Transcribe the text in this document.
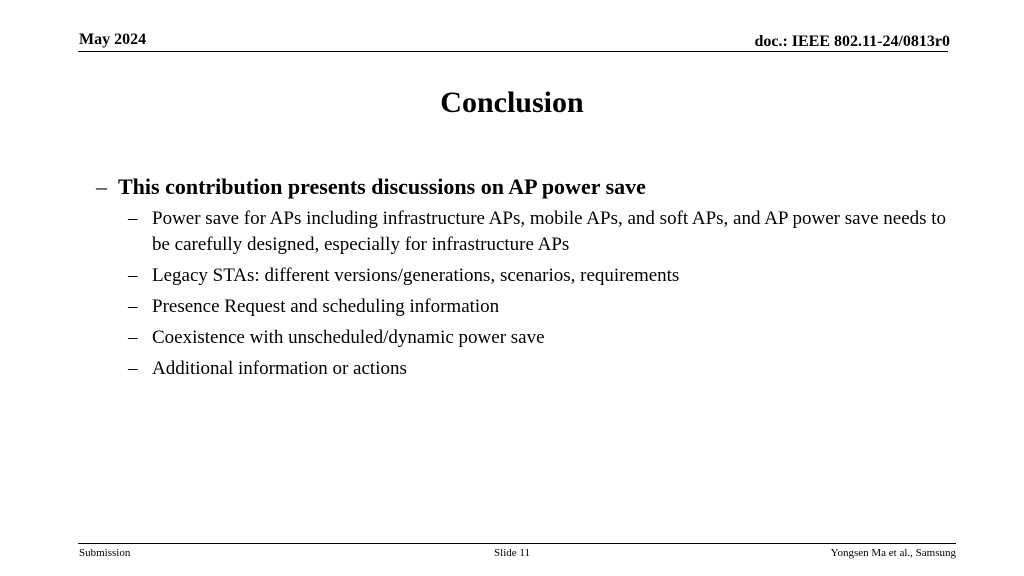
May 2024	doc.: IEEE 802.11-24/0813r0
Conclusion
– This contribution presents discussions on AP power save
– Power save for APs including infrastructure APs, mobile APs, and soft APs, and AP power save needs to be carefully designed, especially for infrastructure APs
– Legacy STAs: different versions/generations, scenarios, requirements
– Presence Request and scheduling information
– Coexistence with unscheduled/dynamic power save
– Additional information or actions
Submission	Slide 11	Yongsen Ma et al., Samsung
